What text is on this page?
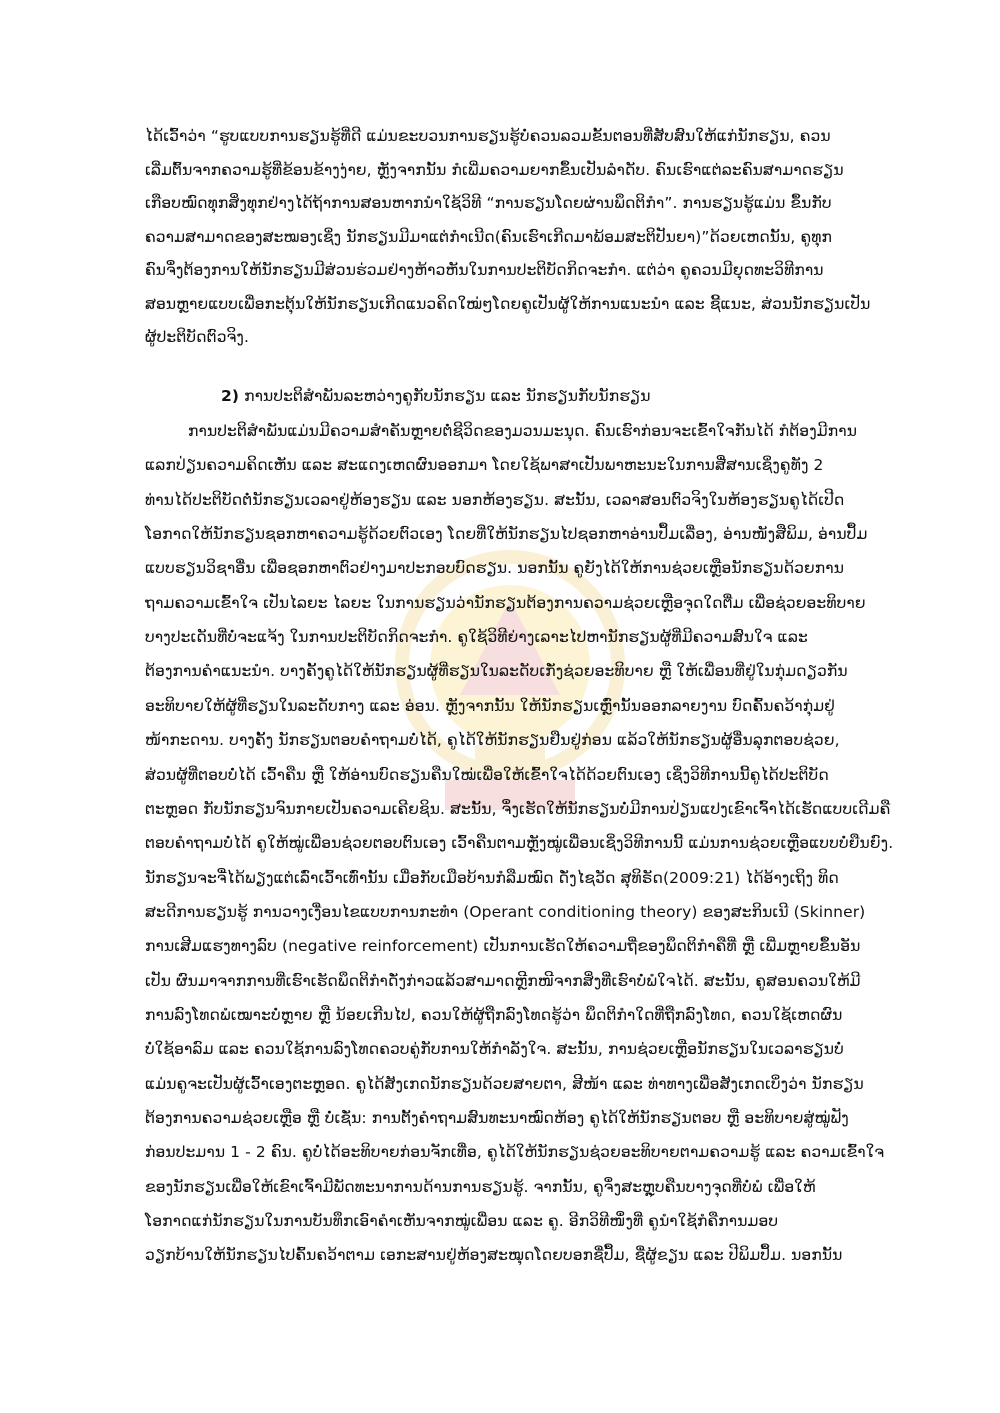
ໄດ້ເວົ້າວ່າ “ຮູບແບບການຮຽນຮູ້ທີ່ດີ ແມ່ນຂະບວນການຮຽນຮູ້ບໍ່ຄວນລວມຂັ້ນຕອນທີ່ສັບສົນໃຫ້ແກ່ນັກຮຽນ, ຄວນ
ເລີ່ມຕົ້ນຈາກຄວາມຮູ້ທີ່ຂ້ອນຂ້າງງ່າຍ, ຫຼັງຈາກນັ້ນ ກໍເພີ່ມຄວາມຍາກຂຶ້ນເປັນລຳດັບ. ຄົນເຮົາແຕ່ລະຄົນສາມາດຮຽນ
ເກືອບໝົດທຸກສິ່ງທຸກຢ່າງໄດ້ຖ້າການສອນຫາກນຳໃຊ້ວິທີ “ການຮຽນໂດຍຜ່ານພຶດຕິກຳ”. ການຮຽນຮູ້ແມ່ນ ຂຶ້ນກັບ
ຄວາມສາມາດຂອງສະໝອງເຊິ່ງ ນັກຮຽນມີມາແຕ່ກຳເນີດ(ຄົນເຮົາເກີດມາພ້ອມສະຕິປັນຍາ)”ດ້ວຍເຫດນັ້ນ, ຄູທຸກ
ຄົນຈຶ່ງຕ້ອງການໃຫ້ນັກຮຽນມີສ່ວນຮ່ວມຢ່າງຫ້າວຫັນໃນການປະຕິບັດກິດຈະກຳ. ແຕ່ວ່າ ຄູຄວນມີຍຸດທະວິທີການ
ສອນຫຼາຍແບບເພື່ອກະຕຸ້ນໃຫ້ນັກຮຽນເກີດແນວຄິດໃໝ່ໆໂດຍຄູເປັນຜູ້ໃຫ້ການແນະນຳ ແລະ ຊີ້ແນະ, ສ່ວນນັກຮຽນເປັນ
ຜູ້ປະຕິບັດຕົວຈິງ.
2) ການປະຕິສຳພັນລະຫວ່າງຄູກັບນັກຮຽນ ແລະ ນັກຮຽນກັບນັກຮຽນ
ການປະຕິສຳພັນແມ່ນມີຄວາມສຳຄັນຫຼາຍຕໍ່ຊີວິດຂອງມວນມະນຸດ. ຄົນເຮົາກ່ອນຈະເຂົ້າໃຈກັນໄດ້ ກໍຕ້ອງມີການ
ແລກປ່ຽນຄວາມຄິດເຫັນ ແລະ ສະແດງເຫດຜົນອອກມາ ໂດຍໃຊ້ພາສາເປັນພາຫະນະໃນການສື່ສານເຊິ່ງຄູທັງ 2
ທ່ານໄດ້ປະຕິບັດຕໍ່ນັກຮຽນເວລາຢູ່ຫ້ອງຮຽນ ແລະ ນອກຫ້ອງຮຽນ. ສະນັ້ນ, ເວລາສອນຕົວຈິງໃນຫ້ອງຮຽນຄູໄດ້ເປີດ
ໂອກາດໃຫ້ນັກຮຽນຊອກຫາຄວາມຮູ້ດ້ວຍຕົວເອງ ໂດຍທີ່ໃຫ້ນັກຮຽນໄປຊອກຫາອ່ານປຶ້ມເລື່ອງ, ອ່ານໜັງສືພິມ, ອ່ານປຶ້ມ
ແບບຮຽນວິຊາອື່ນ ເພື່ອຊອກຫາຕົວຢ່າງມາປະກອບບົດຮຽນ. ນອກນັ້ນ ຄູຍັງໄດ້ໃຫ້ການຊ່ວຍເຫຼືອນັກຮຽນດ້ວຍການ
ຖາມຄວາມເຂົ້າໃຈ ເປັນໄລຍະ ໄລຍະ ໃນການຮຽນວ່ານັກຮຽນຕ້ອງການຄວາມຊ່ວຍເຫຼືອຈຸດໃດຕື່ມ ເພື່ອຊ່ວຍອະທິບາຍ
ບາງປະເດັນທີ່ບໍ່ຈະແຈ້ງ ໃນການປະຕິບັດກິດຈະກຳ. ຄູໃຊ້ວິທີຍ່າງເລາະໄປຫານັກຮຽນຜູ້ທີ່ມີຄວາມສົນໃຈ ແລະ
ຕ້ອງການຄຳແນະນຳ. ບາງຄັ້ງຄູໄດ້ໃຫ້ນັກຮຽນຜູ້ທີ່ຮຽນໃນລະດັບເກັ່ງຊ່ວຍອະທິບາຍ ຫຼື ໃຫ້ເພື່ອນທີ່ຢູ່ໃນກຸ່ມດຽວກັນ
ອະທິບາຍໃຫ້ຜູ້ທີ່ຮຽນໃນລະດັບກາງ ແລະ ອ່ອນ. ຫຼັງຈາກນັ້ນ ໃຫ້ນັກຮຽນເຫຼົ່ານັ້ນອອກລາຍງານ ບົດຄົ້ນຄວ້າກຸ່ມຢູ່
ໜ້າກະດານ. ບາງຄັ້ງ ນັກຮຽນຕອບຄຳຖາມບໍ່ໄດ້, ຄູໄດ້ໃຫ້ນັກຮຽນຢືນຢູ່ກ່ອນ ແລ້ວໃຫ້ນັກຮຽນຜູ້ອື່ນລຸກຕອບຊ່ວຍ,
ສ່ວນຜູ້ທີ່ຕອບບໍ່ໄດ້ ເວົ້າຄືນ ຫຼື ໃຫ້ອ່ານບົດຮຽນຄືນໃໝ່ເພື່ອໃຫ້ເຂົ້າໃຈໄດ້ດ້ວຍຕົນເອງ ເຊິ່ງວິທີການນີ້ຄູໄດ້ປະຕິບັດ
ຕະຫຼອດ ກັບນັກຮຽນຈົນກາຍເປັນຄວາມເຄີຍຊິນ. ສະນັ້ນ, ຈຶ່ງເຮັດໃຫ້ນັກຮຽນບໍ່ມີການປ່ຽນແປງເຂົາເຈົ້າໄດ້ເຮັດແບບເດີມຄື
ຕອບຄຳຖາມບໍ່ໄດ້ ຄູໃຫ້ໝູ່ເພື່ອນຊ່ວຍຕອບຕົນເອງ ເວົ້າຄືນຕາມຫຼັງໝູ່ເພື່ອນເຊິ່ງວິທີການນີ້ ແມ່ນການຊ່ວຍເຫຼືອແບບບໍ່ຍືນຍົງ.
ນັກຮຽນຈະຈື່ໄດ້ພຽງແຕ່ເລົ່າເວົ້າເທົ່ານັ້ນ ເມື່ອກັບເມືອບ້ານກໍລືມໝົດ ດັ່ງໄຊວັດ ສຸທິຣັດ(2009:21) ໄດ້ອ້າງເຖິງ ທິດ
ສະດີການຮຽນຮູ້ ການວາງເງື່ອນໄຂແບບການກະທຳ (Operant conditioning theory) ຂອງສະກິນເນີ (Skinner)
ການເສີມແຮງທາງລົບ (negative reinforcement) ເປັນການເຮັດໃຫ້ຄວາມຖີ່ຂອງພຶດຕິກຳຄືທີ່ ຫຼື ເພີ່ມຫຼາຍຂຶ້ນອັນ
ເປັນ ຜົນມາຈາກການທີ່ເຮົາເຮັດພຶດຕິກຳດັ່ງກ່າວແລ້ວສາມາດຫຼີກໜີຈາກສິ່ງທີ່ເຮົາບໍ່ພໍໃຈໄດ້. ສະນັ້ນ, ຄູສອນຄວນໃຫ້ມີ
ການລົງໂທດພໍເໝາະບໍ່ຫຼາຍ ຫຼື ນ້ອຍເກີນໄປ, ຄວນໃຫ້ຜູ້ຖືກລົງໂທດຮູ້ວ່າ ພຶດຕິກຳໃດທີ່ຖືກລົງໂທດ, ຄວນໃຊ້ເຫດຜົນ
ບໍ່ໃຊ້ອາລົມ ແລະ ຄວນໃຊ້ການລົງໂທດຄວບຄູ່ກັບການໃຫ້ກຳລັງໃຈ. ສະນັ້ນ, ການຊ່ວຍເຫຼືອນັກຮຽນໃນເວລາຮຽນບໍ່
ແມ່ນຄູຈະເປັນຜູ້ເວົ້າເອງຕະຫຼອດ. ຄູໄດ້ສັງເກດນັກຮຽນດ້ວຍສາຍຕາ, ສີໜ້າ ແລະ ທ່າທາງເພື່ອສັງເກດເບິ່ງວ່າ ນັກຮຽນ
ຕ້ອງການຄວາມຊ່ວຍເຫຼືອ ຫຼື ບໍ່ເຊັ່ນ: ການຕັ້ງຄຳຖາມສົນທະນາໝົດຫ້ອງ ຄູໄດ້ໃຫ້ນັກຮຽນຕອບ ຫຼື ອະທິບາຍສູ່ໝູ່ຟັງ
ກ່ອນປະມານ 1 - 2 ຄົນ. ຄູບໍ່ໄດ້ອະທິບາຍກ່ອນຈັກເທື່ອ, ຄູໄດ້ໃຫ້ນັກຮຽນຊ່ວຍອະທິບາຍຕາມຄວາມຮູ້ ແລະ ຄວາມເຂົ້າໃຈ
ຂອງນັກຮຽນເພື່ອໃຫ້ເຂົາເຈົ້າມີພັດທະນາການດ້ານການຮຽນຮູ້. ຈາກນັ້ນ, ຄູຈຶ່ງສະຫຼຸບຄືນບາງຈຸດທີ່ບໍ່ພໍ ເພື່ອໃຫ້
ໂອກາດແກ່ນັກຮຽນໃນການບັນທຶກເອົາຄຳເຫັນຈາກໝູ່ເພື່ອນ ແລະ ຄູ. ອີກວິທີໜຶ່ງທີ່ ຄູນຳໃຊ້ກໍຄືການມອບ
ວຽກບ້ານໃຫ້ນັກຮຽນໄປຄົ້ນຄວ້າຕາມ ເອກະສານຢູ່ຫ້ອງສະໝຸດໂດຍບອກຊື່ປຶ້ມ, ຊື່ຜູ້ຂຽນ ແລະ ປີພິມປຶ້ມ. ນອກນັ້ນ
